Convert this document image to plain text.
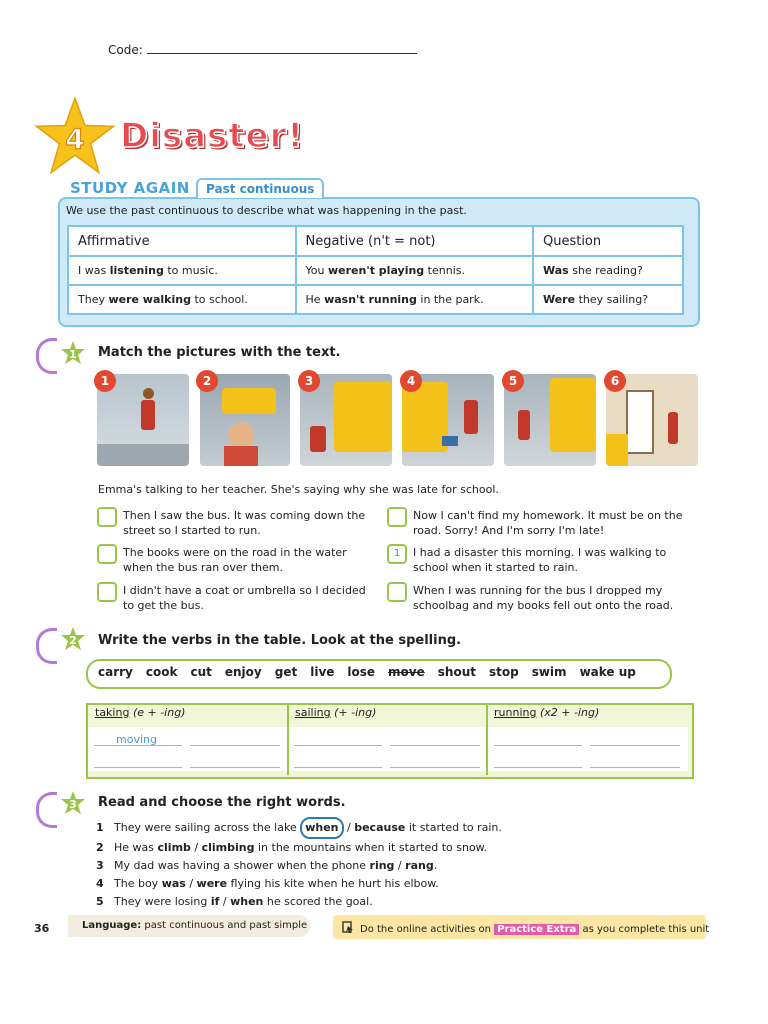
Code:
4 Disaster!
STUDY AGAIN	Past continuous
We use the past continuous to describe what was happening in the past.
Affirmative	Negative (n't = not)	Question
I was listening to music.	You weren't playing tennis.	Was she reading?
They were walking to school.	He wasn't running in the park.	Were they sailing?
1 Match the pictures with the text.
1	2	3	4	5	6
Emma's talking to her teacher. She's saying why she was late for school.
Then I saw the bus. It was coming down the street so I started to run.
Now I can't find my homework. It must be on the road. Sorry! And I'm sorry I'm late!
The books were on the road in the water when the bus ran over them.
1	I had a disaster this morning. I was walking to school when it started to rain.
I didn't have a coat or umbrella so I decided to get the bus.
When I was running for the bus I dropped my schoolbag and my books fell out onto the road.
2 Write the verbs in the table. Look at the spelling.
carry cook cut enjoy get live lose move shout stop swim wake up
taking (e + -ing)	sailing (+ -ing)	running (x2 + -ing)
moving
3 Read and choose the right words.
1 They were sailing across the lake when / because it started to rain.
2 He was climb / climbing in the mountains when it started to snow.
3 My dad was having a shower when the phone ring / rang.
4 The boy was / were flying his kite when he hurt his elbow.
5 They were losing if / when he scored the goal.
36	Language: past continuous and past simple	Do the online activities on Practice Extra as you complete this unit
